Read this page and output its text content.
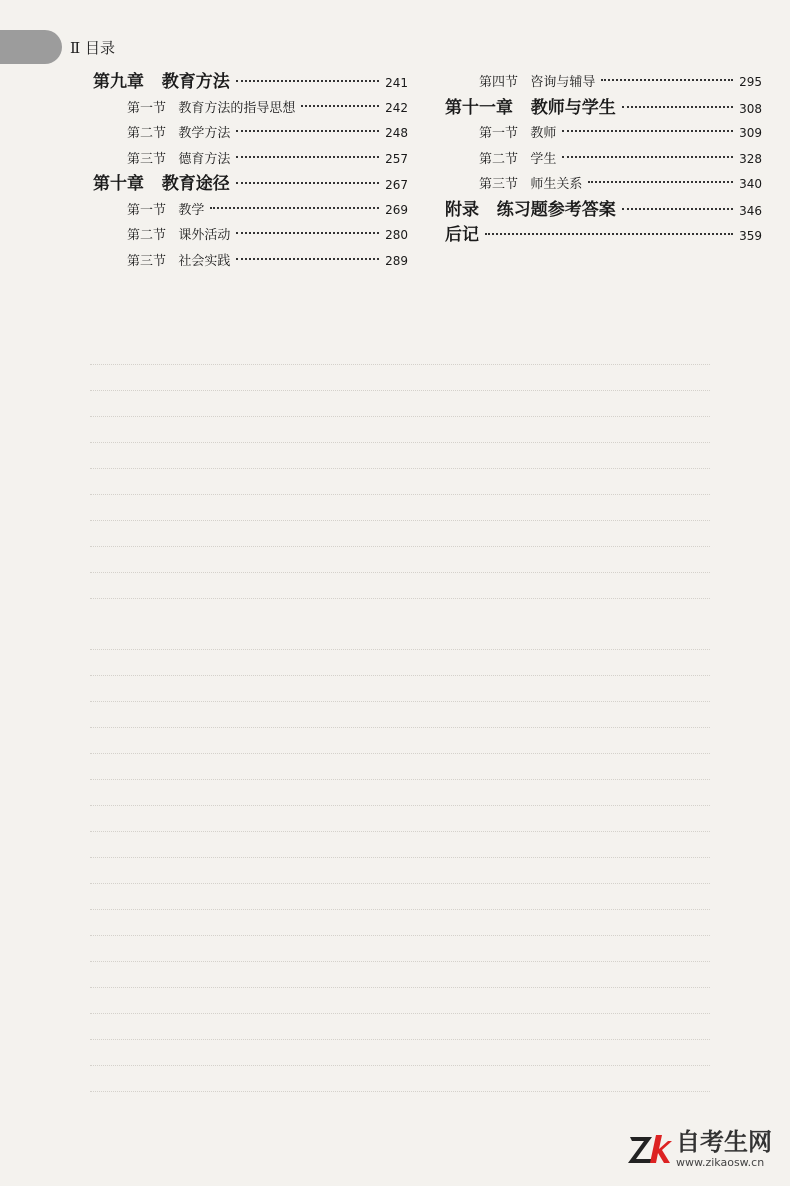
Ⅱ 目录
第九章   教育方法	241
第一节   教育方法的指导思想	242
第二节   教学方法	248
第三节   德育方法	257
第十章   教育途径	267
第一节   教学	269
第二节   课外活动	280
第三节   社会实践	289
第四节   咨询与辅导	295
第十一章   教师与学生	308
第一节   教师	309
第二节   学生	328
第三节   师生关系	340
附录   练习题参考答案	346
后记	359
自考生网
www.zikaosw.cn
